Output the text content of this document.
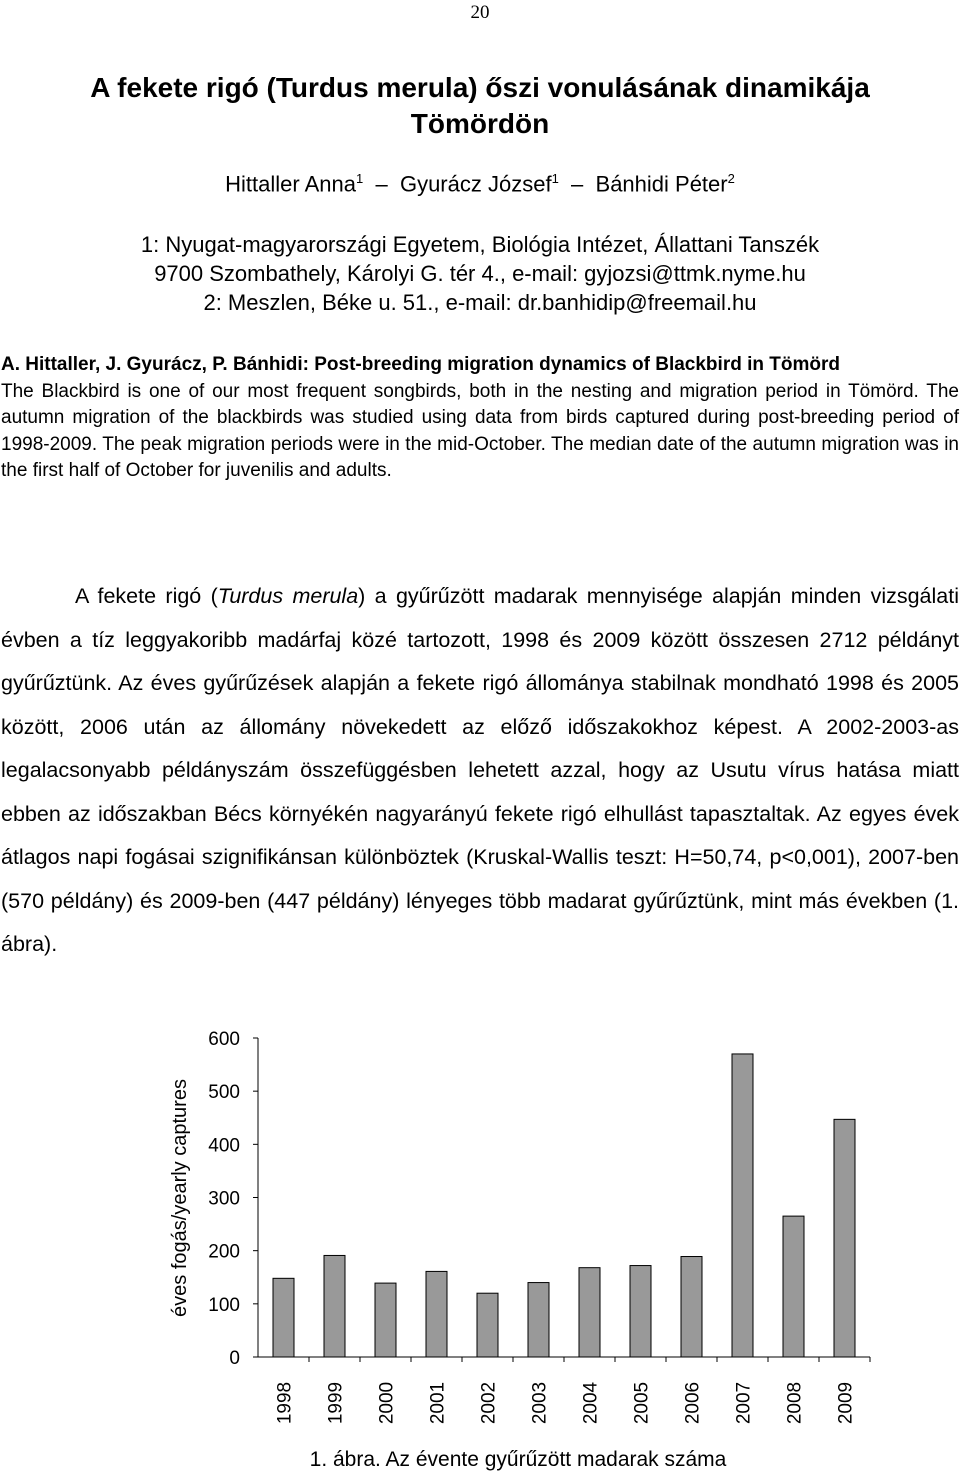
20
A fekete rigó (Turdus merula) őszi vonulásának dinamikája Tömördön
Hittaller Anna$^1$ – Gyurácz József$^1$ – Bánhidi Péter$^2$
1: Nyugat-magyarországi Egyetem, Biológia Intézet, Állattani Tanszék
9700 Szombathely, Károlyi G. tér 4., e-mail: gyjozsi@ttmk.nyme.hu
2: Meszlen, Béke u. 51., e-mail: dr.banhidip@freemail.hu
A. Hittaller, J. Gyurácz, P. Bánhidi: Post-breeding migration dynamics of Blackbird in Tömörd
The Blackbird is one of our most frequent songbirds, both in the nesting and migration period in Tömörd. The autumn migration of the blackbirds was studied using data from birds captured during post-breeding period of 1998-2009. The peak migration periods were in the mid-October. The median date of the autumn migration was in the first half of October for juvenilis and adults.
A fekete rigó (Turdus merula) a gyűrűzött madarak mennyisége alapján minden vizsgálati évben a tíz leggyakoribb madárfaj közé tartozott, 1998 és 2009 között összesen 2712 példányt gyűrűztünk. Az éves gyűrűzések alapján a fekete rigó állománya stabilnak mondható 1998 és 2005 között, 2006 után az állomány növekedett az előző időszakokhoz képest. A 2002-2003-as legalacsonyabb példányszám összefüggésben lehetett azzal, hogy az Usutu vírus hatása miatt ebben az időszakban Bécs környékén nagyarányú fekete rigó elhullást tapasztaltak. Az egyes évek átlagos napi fogásai szignifikánsan különböztek (Kruskal-Wallis teszt: H=50,74, p<0,001), 2007-ben (570 példány) és 2009-ben (447 példány) lényeges több madarat gyűrűztünk, mint más években (1. ábra).
0
100
200
300
400
500
600
éves fogás/yearly captures
1998 1999 2000 2001 2002 2003 2004 2005 2006 2007 2008 2009
1. ábra. Az évente gyűrűzött madarak száma
